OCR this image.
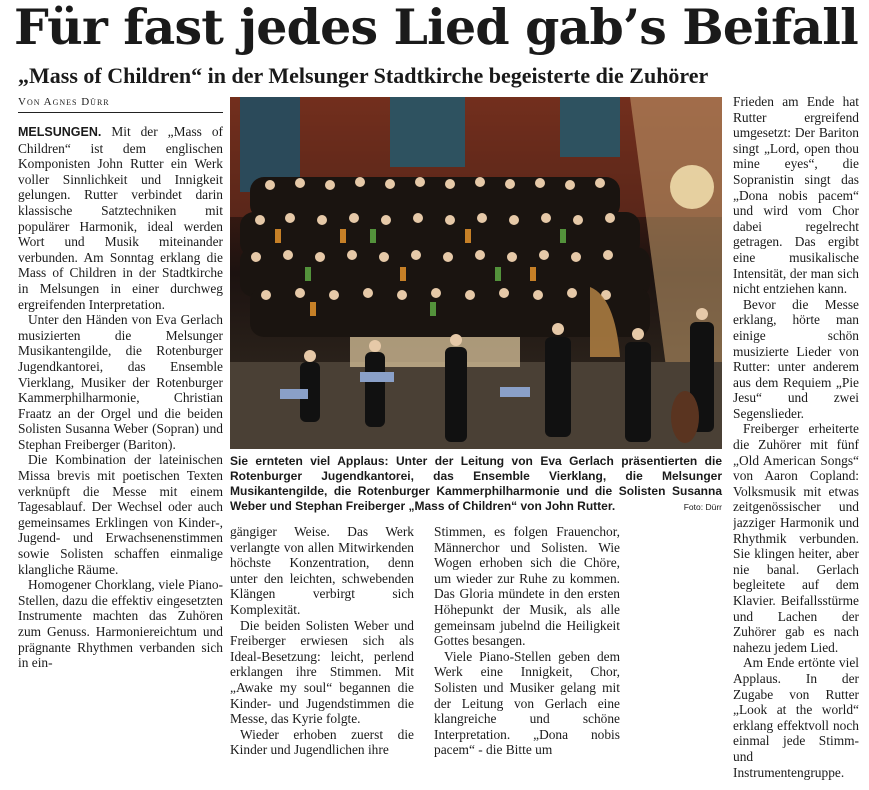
Für fast jedes Lied gab’s Beifall
„Mass of Children“ in der Melsunger Stadtkirche begeisterte die Zuhörer
Von Agnes Dürr

MELSUNGEN. Mit der „Mass of Children“ ist dem englischen Komponisten John Rutter ein Werk voller Sinnlichkeit und Innigkeit gelungen. Rutter verbindet darin klassische Satztechniken mit populärer Harmonik, ideal werden Wort und Musik miteinander verbunden. Am Sonntag erklang die Mass of Children in der Stadtkirche in Melsungen in einer durchweg ergreifenden Interpretation.

Unter den Händen von Eva Gerlach musizierten die Melsunger Musikantengilde, die Rotenburger Jugendkantorei, das Ensemble Vierklang, Musiker der Rotenburger Kammerphilharmonie, Christian Fraatz an der Orgel und die beiden Solisten Susanna Weber (Sopran) und Stephan Freiberger (Bariton).

Die Kombination der lateinischen Missa brevis mit poetischen Texten verknüpft die Messe mit einem Tagesablauf. Der Wechsel oder auch gemeinsames Erklingen von Kinder-, Jugend- und Erwachsenenstimmen sowie Solisten schaffen einmalige klangliche Räume.

Homogener Chorklang, viele Piano-Stellen, dazu die effektiv eingesetzten Instrumente machten das Zuhören zum Genuss. Harmoniereichtum und prägnante Rhythmen verbanden sich in ein-

Sie ernteten viel Applaus: Unter der Leitung von Eva Gerlach präsentierten die Rotenburger Jugendkantorei, das Ensemble Vierklang, die Melsunger Musikantengilde, die Rotenburger Kammerphilharmonie und die Solisten Susanna Weber und Stephan Freiberger „Mass of Children“ von John Rutter.	Foto: Dürr

gängiger Weise. Das Werk verlangte von allen Mitwirkenden höchste Konzentration, denn unter den leichten, schwebenden Klängen verbirgt sich Komplexität.

Die beiden Solisten Weber und Freiberger erwiesen sich als Ideal-Besetzung: leicht, perlend erklangen ihre Stimmen. Mit „Awake my soul“ begannen die Kinder- und Jugendstimmen die Messe, das Kyrie folgte.

Wieder erhoben zuerst die Kinder und Jugendlichen ihre

Stimmen, es folgen Frauenchor, Männerchor und Solisten. Wie Wogen erhoben sich die Chöre, um wieder zur Ruhe zu kommen. Das Gloria mündete in den ersten Höhepunkt der Musik, als alle gemeinsam jubelnd die Heiligkeit Gottes besangen.

Viele Piano-Stellen geben dem Werk eine Innigkeit, Chor, Solisten und Musiker gelang mit der Leitung von Gerlach eine klangreiche und schöne Interpretation. „Dona nobis pacem“ - die Bitte um

Frieden am Ende hat Rutter ergreifend umgesetzt: Der Bariton singt „Lord, open thou mine eyes“, die Sopranistin singt das „Dona nobis pacem“ und wird vom Chor dabei regelrecht getragen. Das ergibt eine musikalische Intensität, der man sich nicht entziehen kann.

Bevor die Messe erklang, hörte man einige schön musizierte Lieder von Rutter: unter anderem aus dem Requiem „Pie Jesu“ und zwei Segenslieder.

Freiberger erheiterte die Zuhörer mit fünf „Old American Songs“ von Aaron Copland: Volksmusik mit etwas zeitgenössischer und jazziger Harmonik und Rhythmik verbunden. Sie klingen heiter, aber nie banal. Gerlach begleitete auf dem Klavier. Beifallsstürme und Lachen der Zuhörer gab es nach nahezu jedem Lied.

Am Ende ertönte viel Applaus. In der Zugabe von Rutter „Look at the world“ erklang effektvoll noch einmal jede Stimm- und Instrumentengruppe.
